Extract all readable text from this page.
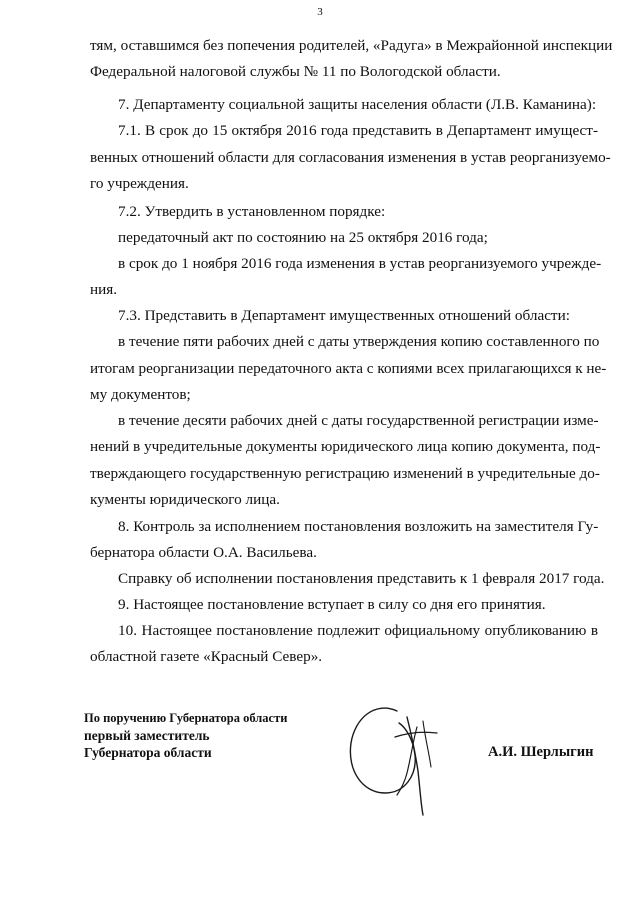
3
тям, оставшимся без попечения родителей, «Радуга» в Межрайонной инспекции
Федеральной налоговой службы № 11 по Вологодской области.
7. Департаменту социальной защиты населения области (Л.В. Каманина):
7.1. В срок до 15 октября 2016 года представить в Департамент имущест-
венных отношений области для согласования изменения в устав реорганизуемо-
го учреждения.
7.2. Утвердить в установленном порядке:
передаточный акт по состоянию на 25 октября 2016 года;
в срок до 1 ноября 2016 года изменения в устав реорганизуемого учрежде-
ния.
7.3. Представить в Департамент имущественных отношений области:
в течение пяти рабочих дней с даты утверждения копию составленного по
итогам реорганизации передаточного акта с копиями всех прилагающихся к не-
му документов;
в течение десяти рабочих дней с даты государственной регистрации изме-
нений в учредительные документы юридического лица копию документа, под-
тверждающего государственную регистрацию изменений в учредительные до-
кументы юридического лица.
8. Контроль за исполнением постановления возложить на заместителя Гу-
бернатора области О.А. Васильева.
Справку об исполнении постановления представить к 1 февраля 2017 года.
9. Настоящее постановление вступает в силу со дня его принятия.
10. Настоящее постановление подлежит официальному опубликованию в
областной газете «Красный Север».
По поручению Губернатора области
первый заместитель
Губернатора области	А.И. Шерлыгин
